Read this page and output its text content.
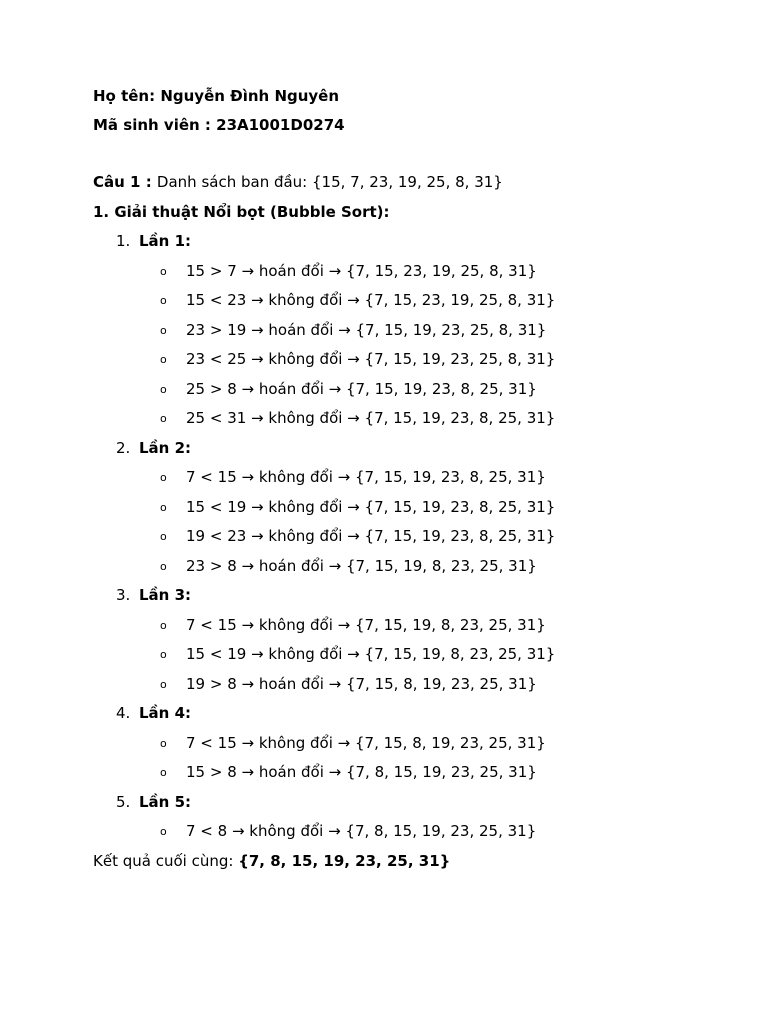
Họ tên: Nguyễn Đình Nguyên
Mã sinh viên : 23A1001D0274
Câu 1 : Danh sách ban đầu: {15, 7, 23, 19, 25, 8, 31}
1. Giải thuật Nổi bọt (Bubble Sort):
1. Lần 1:
o	15 > 7 → hoán đổi → {7, 15, 23, 19, 25, 8, 31}
o	15 < 23 → không đổi → {7, 15, 23, 19, 25, 8, 31}
o	23 > 19 → hoán đổi → {7, 15, 19, 23, 25, 8, 31}
o	23 < 25 → không đổi → {7, 15, 19, 23, 25, 8, 31}
o	25 > 8 → hoán đổi → {7, 15, 19, 23, 8, 25, 31}
o	25 < 31 → không đổi → {7, 15, 19, 23, 8, 25, 31}
2. Lần 2:
o	7 < 15 → không đổi → {7, 15, 19, 23, 8, 25, 31}
o	15 < 19 → không đổi → {7, 15, 19, 23, 8, 25, 31}
o	19 < 23 → không đổi → {7, 15, 19, 23, 8, 25, 31}
o	23 > 8 → hoán đổi → {7, 15, 19, 8, 23, 25, 31}
3. Lần 3:
o	7 < 15 → không đổi → {7, 15, 19, 8, 23, 25, 31}
o	15 < 19 → không đổi → {7, 15, 19, 8, 23, 25, 31}
o	19 > 8 → hoán đổi → {7, 15, 8, 19, 23, 25, 31}
4. Lần 4:
o	7 < 15 → không đổi → {7, 15, 8, 19, 23, 25, 31}
o	15 > 8 → hoán đổi → {7, 8, 15, 19, 23, 25, 31}
5. Lần 5:
o	7 < 8 → không đổi → {7, 8, 15, 19, 23, 25, 31}
Kết quả cuối cùng: {7, 8, 15, 19, 23, 25, 31}
